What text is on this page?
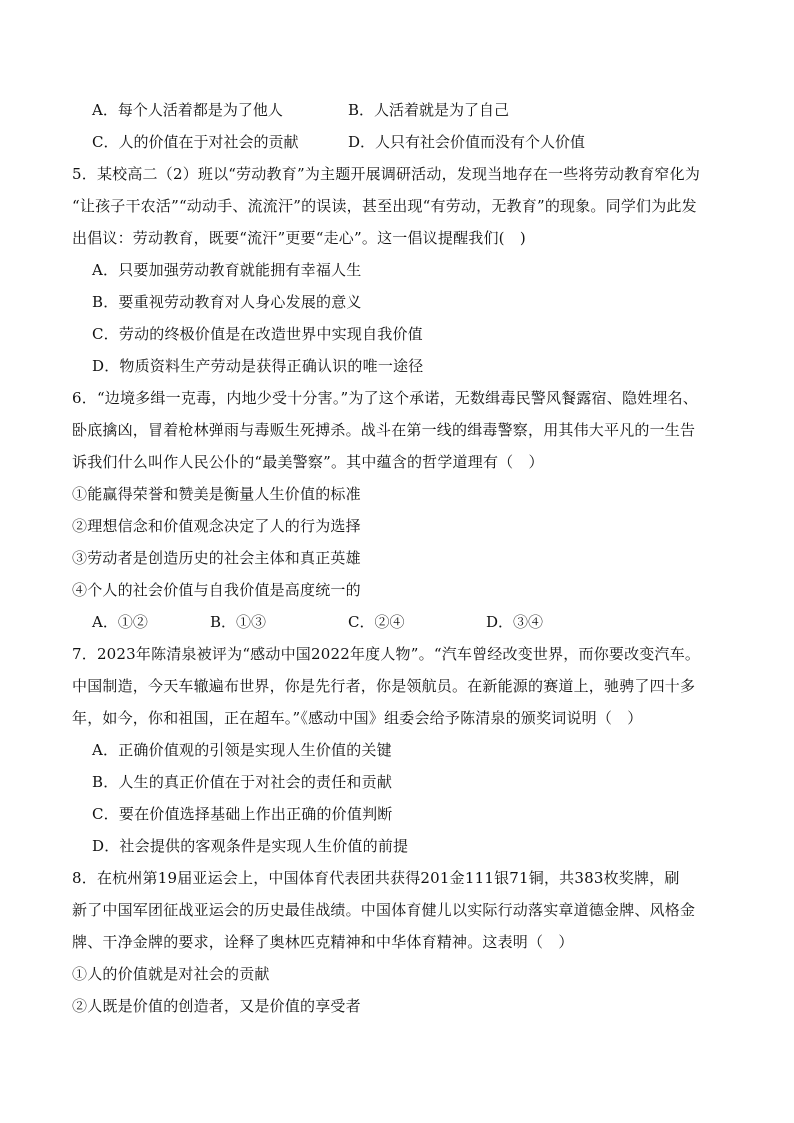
A．每个人活着都是为了他人	B．人活着就是为了自己
C．人的价值在于对社会的贡献	D．人只有社会价值而没有个人价值
5．某校高二（2）班以“劳动教育”为主题开展调研活动，发现当地存在一些将劳动教育窄化为
“让孩子干农活”“动动手、流流汗”的误读，甚至出现“有劳动，无教育”的现象。同学们为此发
出倡议：劳动教育，既要“流汗”更要“走心”。这一倡议提醒我们(　)
A．只要加强劳动教育就能拥有幸福人生
B．要重视劳动教育对人身心发展的意义
C．劳动的终极价值是在改造世界中实现自我价值
D．物质资料生产劳动是获得正确认识的唯一途径
6．“边境多缉一克毒，内地少受十分害。”为了这个承诺，无数缉毒民警风餐露宿、隐姓埋名、
卧底擒凶，冒着枪林弹雨与毒贩生死搏杀。战斗在第一线的缉毒警察，用其伟大平凡的一生告
诉我们什么叫作人民公仆的“最美警察”。其中蕴含的哲学道理有（　）
①能赢得荣誉和赞美是衡量人生价值的标准
②理想信念和价值观念决定了人的行为选择
③劳动者是创造历史的社会主体和真正英雄
④个人的社会价值与自我价值是高度统一的
A．①②	B．①③	C．②④	D．③④
7．2023年陈清泉被评为“感动中国2022年度人物”。“汽车曾经改变世界，而你要改变汽车。
中国制造，今天车辙遍布世界，你是先行者，你是领航员。在新能源的赛道上，驰骋了四十多
年，如今，你和祖国，正在超车。”《感动中国》组委会给予陈清泉的颁奖词说明（　）
A．正确价值观的引领是实现人生价值的关键
B．人生的真正价值在于对社会的责任和贡献
C．要在价值选择基础上作出正确的价值判断
D．社会提供的客观条件是实现人生价值的前提
8．在杭州第19届亚运会上，中国体育代表团共获得201金111银71铜，共383枚奖牌，刷
新了中国军团征战亚运会的历史最佳战绩。中国体育健儿以实际行动落实章道德金牌、风格金
牌、干净金牌的要求，诠释了奥林匹克精神和中华体育精神。这表明（　）
①人的价值就是对社会的贡献
②人既是价值的创造者，又是价值的享受者
